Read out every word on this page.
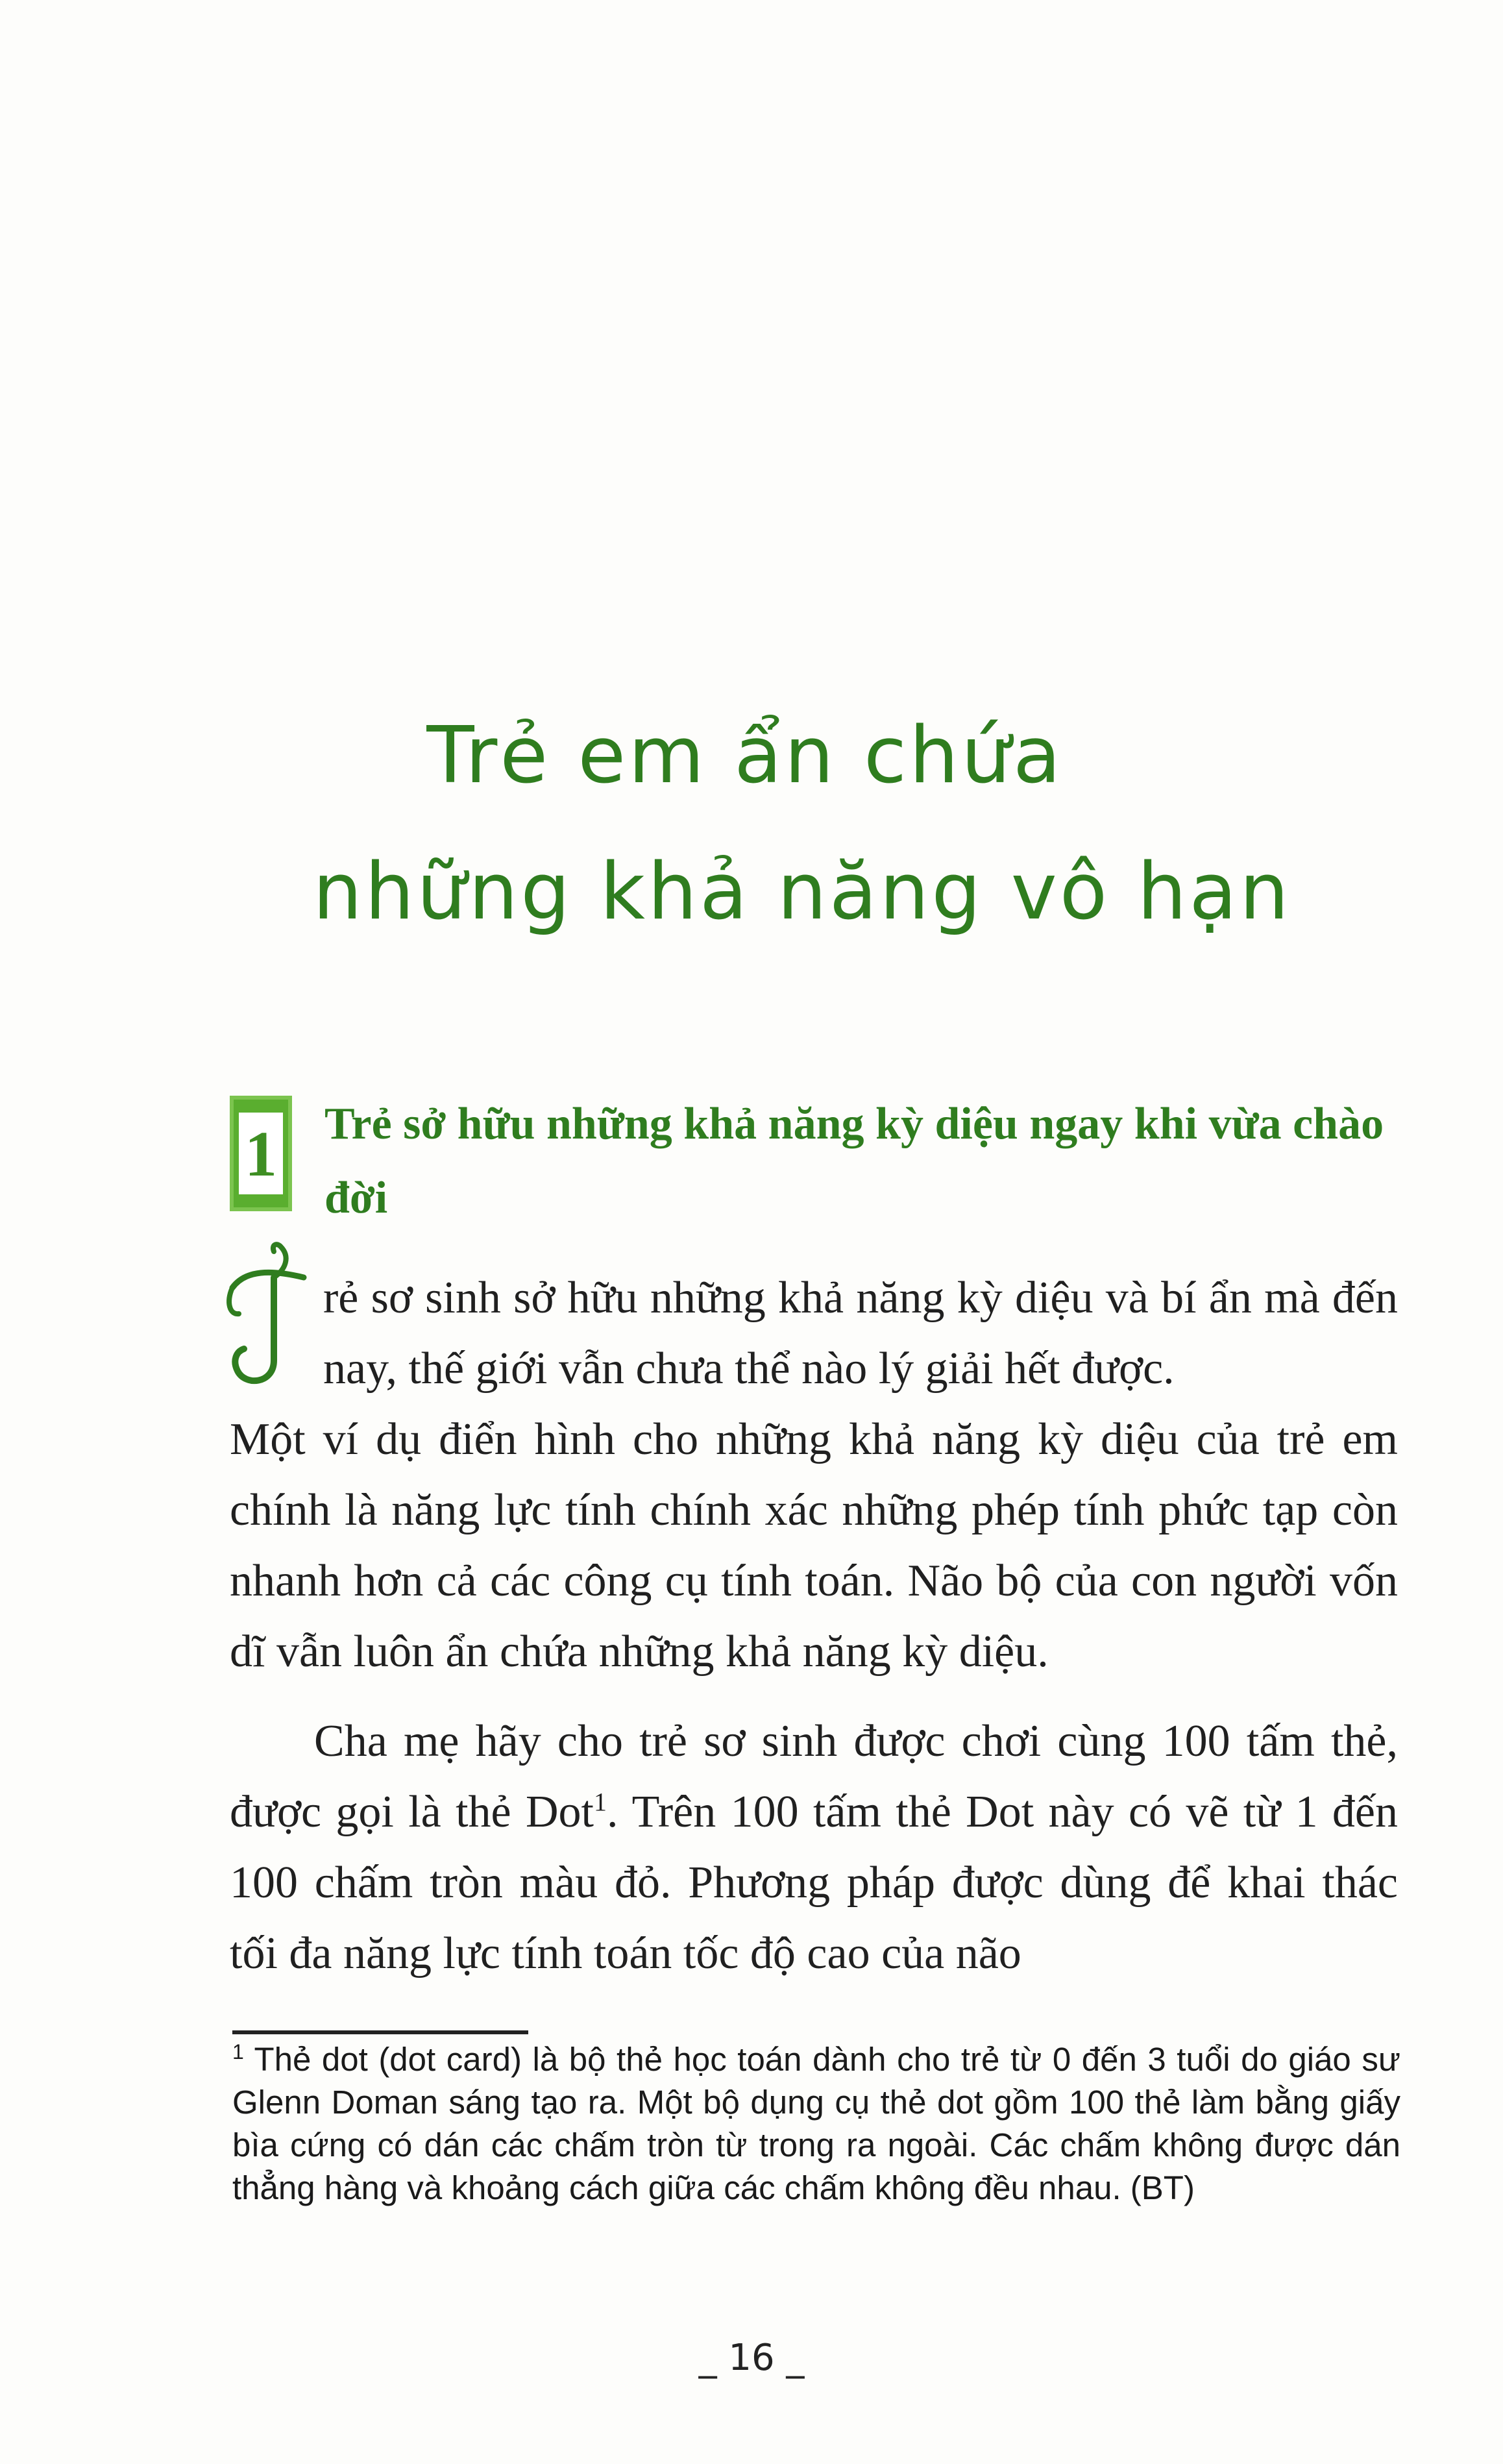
Trẻ em ẩn chứa
những khả năng vô hạn
1 Trẻ sở hữu những khả năng kỳ diệu ngay khi vừa chào đời

rẻ sơ sinh sở hữu những khả năng kỳ diệu và bí ẩn mà đến nay, thế giới vẫn chưa thể nào lý giải hết được.

Một ví dụ điển hình cho những khả năng kỳ diệu của trẻ em chính là năng lực tính chính xác những phép tính phức tạp còn nhanh hơn cả các công cụ tính toán. Não bộ của con người vốn dĩ vẫn luôn ẩn chứa những khả năng kỳ diệu.

Cha mẹ hãy cho trẻ sơ sinh được chơi cùng 100 tấm thẻ, được gọi là thẻ Dot$^1$. Trên 100 tấm thẻ Dot này có vẽ từ 1 đến 100 chấm tròn màu đỏ. Phương pháp được dùng để khai thác tối đa năng lực tính toán tốc độ cao của não

$^1$ Thẻ dot (dot card) là bộ thẻ học toán dành cho trẻ từ 0 đến 3 tuổi do giáo sư Glenn Doman sáng tạo ra. Một bộ dụng cụ thẻ dot gồm 100 thẻ làm bằng giấy bìa cứng có dán các chấm tròn từ trong ra ngoài. Các chấm không được dán thẳng hàng và khoảng cách giữa các chấm không đều nhau. (BT)

_ 16 _
